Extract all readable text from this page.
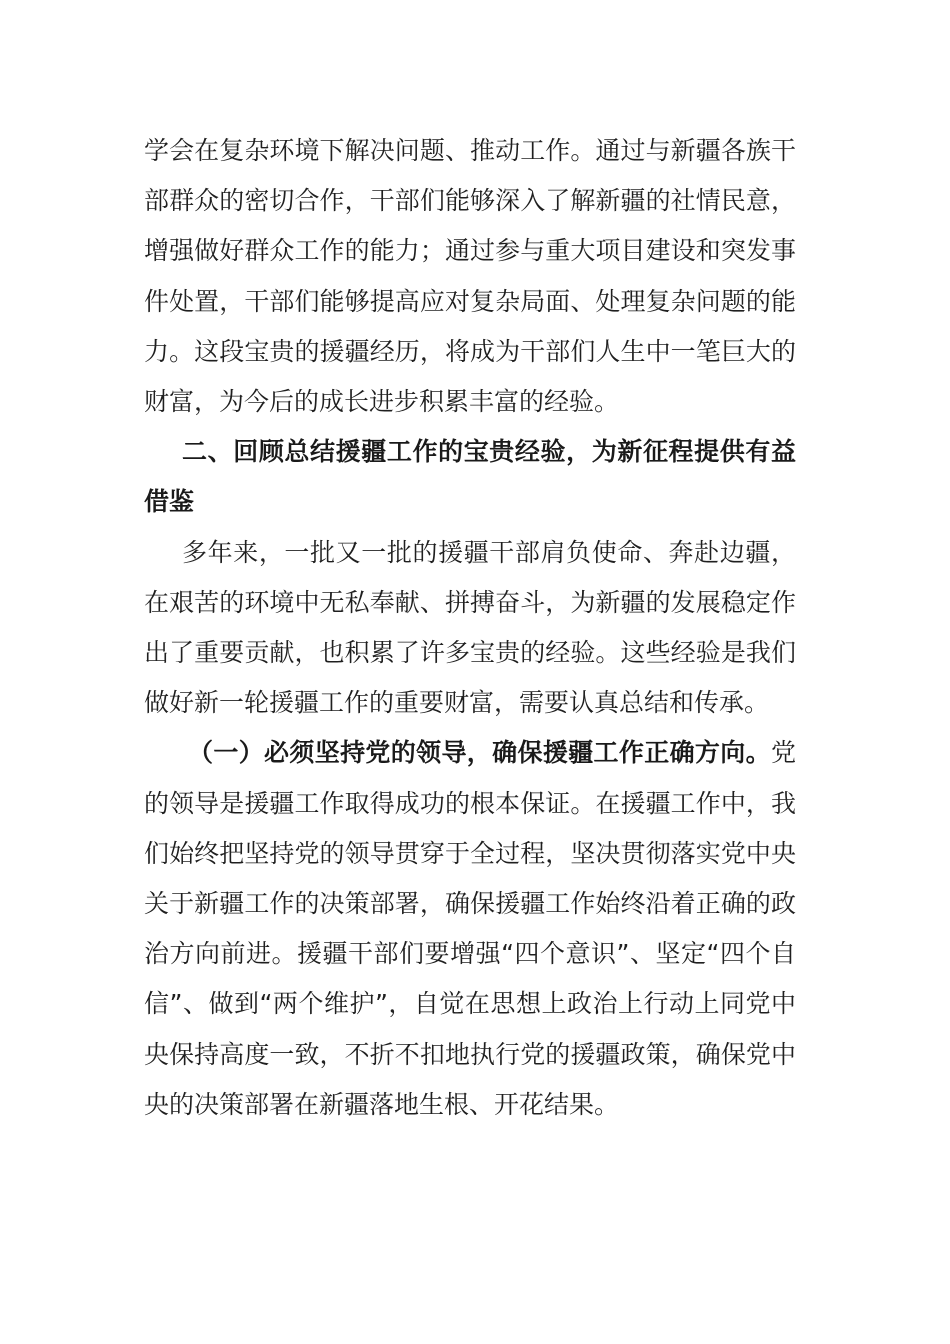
学会在复杂环境下解决问题、推动工作。通过与新疆各族干部群众的密切合作，干部们能够深入了解新疆的社情民意，增强做好群众工作的能力；通过参与重大项目建设和突发事件处置，干部们能够提高应对复杂局面、处理复杂问题的能力。这段宝贵的援疆经历，将成为干部们人生中一笔巨大的财富，为今后的成长进步积累丰富的经验。

二、回顾总结援疆工作的宝贵经验，为新征程提供有益借鉴

多年来，一批又一批的援疆干部肩负使命、奔赴边疆，在艰苦的环境中无私奉献、拼搏奋斗，为新疆的发展稳定作出了重要贡献，也积累了许多宝贵的经验。这些经验是我们做好新一轮援疆工作的重要财富，需要认真总结和传承。

（一）必须坚持党的领导，确保援疆工作正确方向。党的领导是援疆工作取得成功的根本保证。在援疆工作中，我们始终把坚持党的领导贯穿于全过程，坚决贯彻落实党中央关于新疆工作的决策部署，确保援疆工作始终沿着正确的政治方向前进。援疆干部们要增强“四个意识”、坚定“四个自信”、做到“两个维护”，自觉在思想上政治上行动上同党中央保持高度一致，不折不扣地执行党的援疆政策，确保党中央的决策部署在新疆落地生根、开花结果。
